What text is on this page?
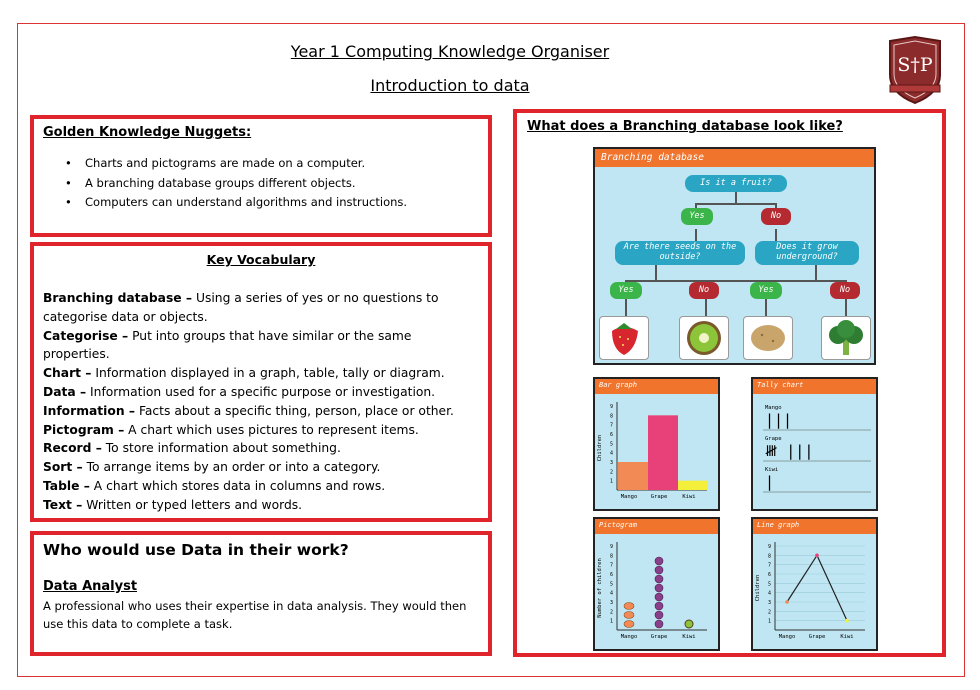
Year 1 Computing Knowledge Organiser
Introduction to data
S†P
Golden Knowledge Nuggets:
• Charts and pictograms are made on a computer.
• A branching database groups different objects.
• Computers can understand algorithms and instructions.
Key Vocabulary

Branching database – Using a series of yes or no questions to categorise data or objects.

Categorise – Put into groups that have similar or the same properties.

Chart – Information displayed in a graph, table, tally or diagram.

Data – Information used for a specific purpose or investigation.

Information – Facts about a specific thing, person, place or other.

Pictogram – A chart which uses pictures to represent items.

Record – To store information about something.

Sort – To arrange items by an order or into a category.

Table – A chart which stores data in columns and rows.

Text – Written or typed letters and words.

Who would use Data in their work?
Data Analyst

A professional who uses their expertise in data analysis. They would then use this data to complete a task.

What does a Branching database look like?
Branching database
Is it a fruit?
Yes	No
Are there seeds on the outside?
Does it grow underground?
Yes	No	Yes	No
Bar graph
1
2
3
4
5
6
7
8
9
Children
Mango Grape	Kiwi
Tally chart
Mango
|||
Grape
𝍸 |||
Kiwi
|
Pictogram
1
2
3
4
5
6
7
8
9
Number of children
Mango Grape	Kiwi
Line graph
1
2
3
4
5
6
7
8
9
Children
Mango Grape	Kiwi
